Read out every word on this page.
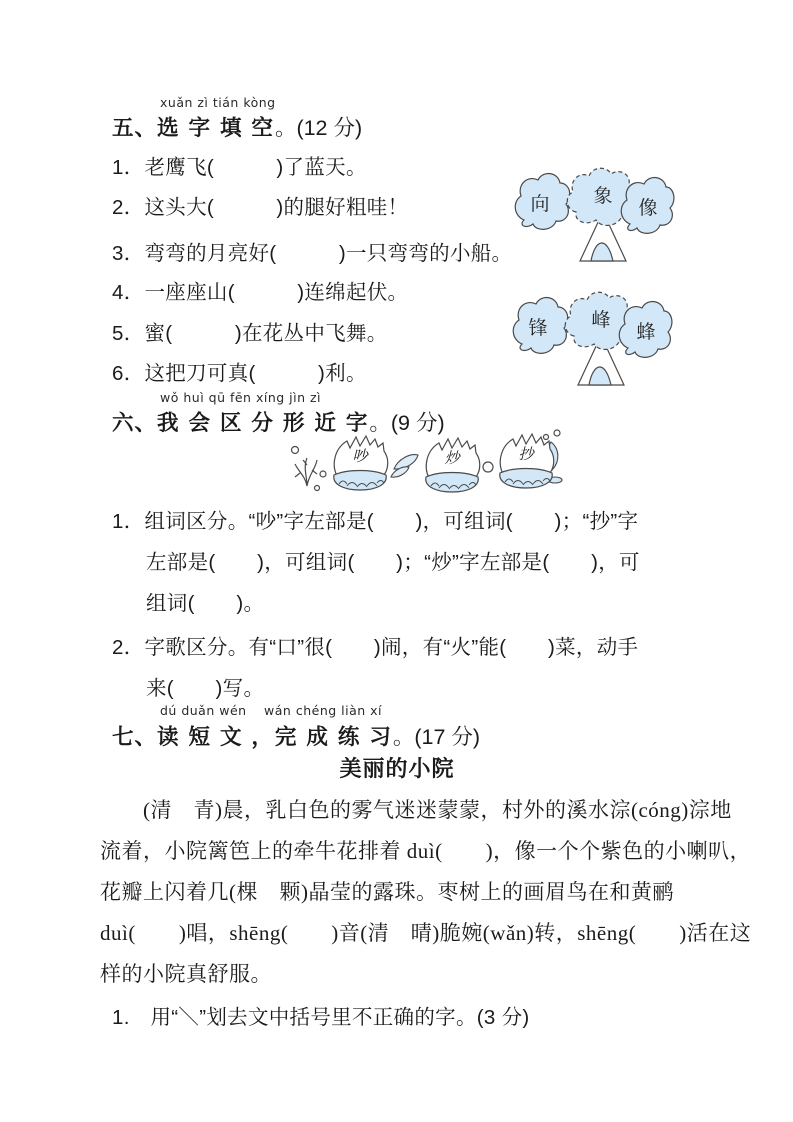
xuǎn zì tián kòng
五、选 字 填 空。(12 分)
1．老鹰飞(　　　)了蓝天。
2．这头大(　　　)的腿好粗哇！
3．弯弯的月亮好(　　　)一只弯弯的小船。
4．一座座山(　　　)连绵起伏。
5．蜜(　　　)在花丛中飞舞。
6．这把刀可真(　　　)利。
向 象
像
锋 峰
蜂
wǒ huì qū fēn xíng jìn zì
六、我 会 区 分 形 近 字。(9 分)
吵	炒	抄
1．组词区分。“吵”字左部是(　　)，可组词(　　)；“抄”字
左部是(　　)，可组词(　　)；“炒”字左部是(　　)，可
组词(　　)。
2．字歌区分。有“口”很(　　)闹，有“火”能(　　)菜，动手
来(　　)写。
dú duǎn wén　 wán chéng liàn xí
七、读 短 文 ，完 成 练 习。(17 分)
美丽的小院
　　(清　青)晨，乳白色的雾气迷迷蒙蒙，村外的溪水淙(cóng)淙地
流着，小院篱笆上的牵牛花排着 duì(　　)，像一个个紫色的小喇叭，
花瓣上闪着几(棵　颗)晶莹的露珠。枣树上的画眉鸟在和黄鹂
duì(　　)唱，shēng(　　)音(清　晴)脆婉(wǎn)转，shēng(　　)活在这
样的小院真舒服。
1.　用“＼”划去文中括号里不正确的字。(3 分)
